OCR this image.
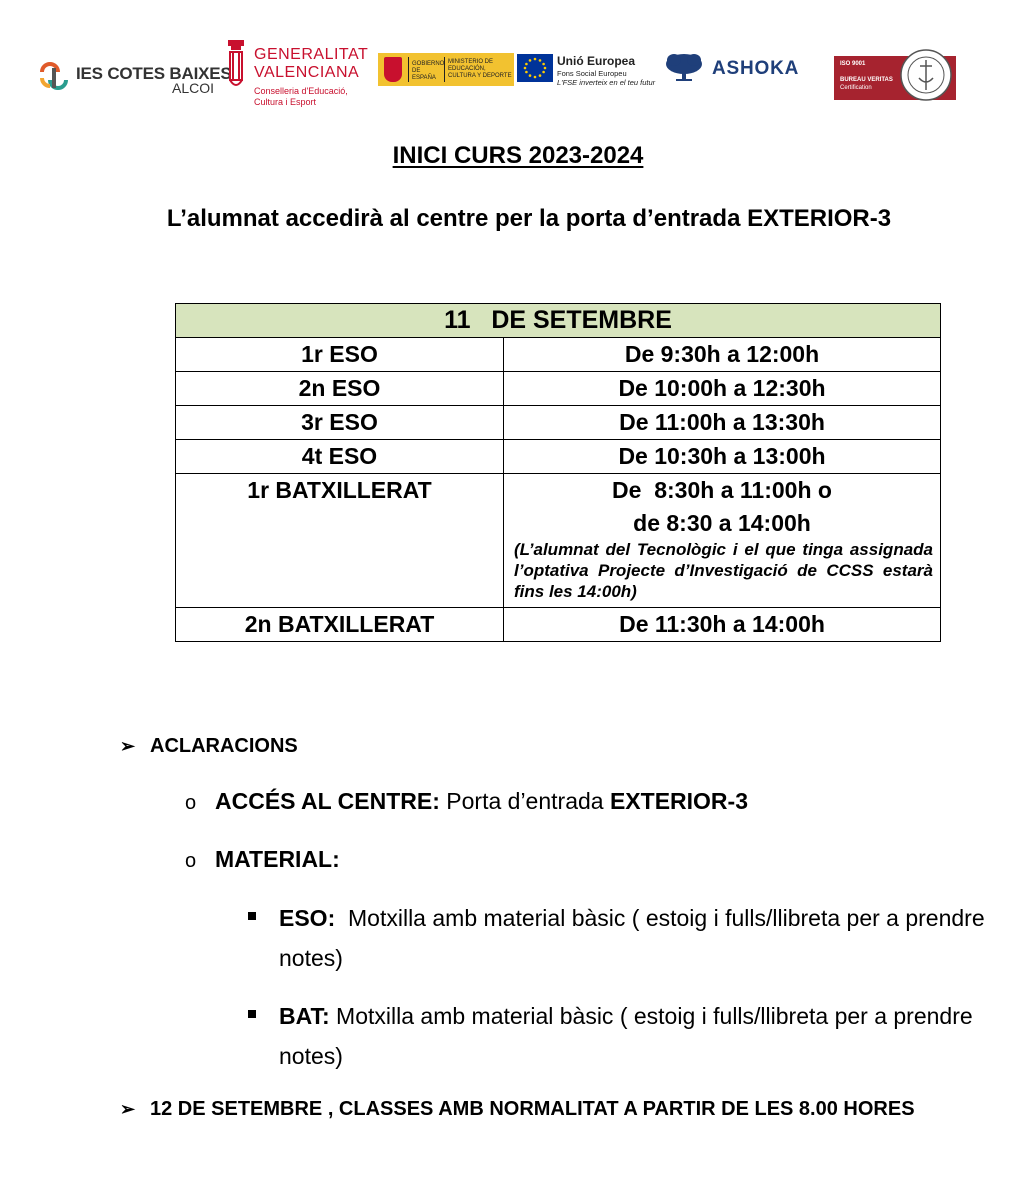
IES COTES BAIXES
ALCOI
GENERALITAT
VALENCIANA
Conselleria d'Educació,
Cultura i Esport
GOBIERNO DE ESPAÑA
MINISTERIO DE EDUCACIÓN, CULTURA Y DEPORTE
Unió Europea
Fons Social Europeu
L'FSE inverteix en el teu futur
ASHOKA	ISO 9001
BUREAU VERITAS
Certification
INICI CURS 2023-2024
L’alumnat accedirà al centre per la porta d’entrada EXTERIOR-3
11   DE SETEMBRE	
1r ESO	De 9:30h a 12:00h
2n ESO	De 10:00h a 12:30h
3r ESO	De 11:00h a 13:30h
4t ESO	De 10:30h a 13:00h
1r BATXILLERAT	De  8:30h a 11:00h o
de 8:30 a 14:00h
(L’alumnat del Tecnològic i el que tinga assignada l’optativa Projecte d’Investigació de CCSS estarà fins les 14:00h)

2n BATXILLERAT	De 11:30h a 14:00h
➢ ACLARACIONS
o ACCÉS AL CENTRE: Porta d’entrada EXTERIOR-3
o MATERIAL:
ESO:  Motxilla amb material bàsic ( estoig i fulls/llibreta per a prendre notes)
BAT: Motxilla amb material bàsic ( estoig i fulls/llibreta per a prendre notes)
➢ 12 DE SETEMBRE , CLASSES AMB NORMALITAT A PARTIR DE LES 8.00 HORES
